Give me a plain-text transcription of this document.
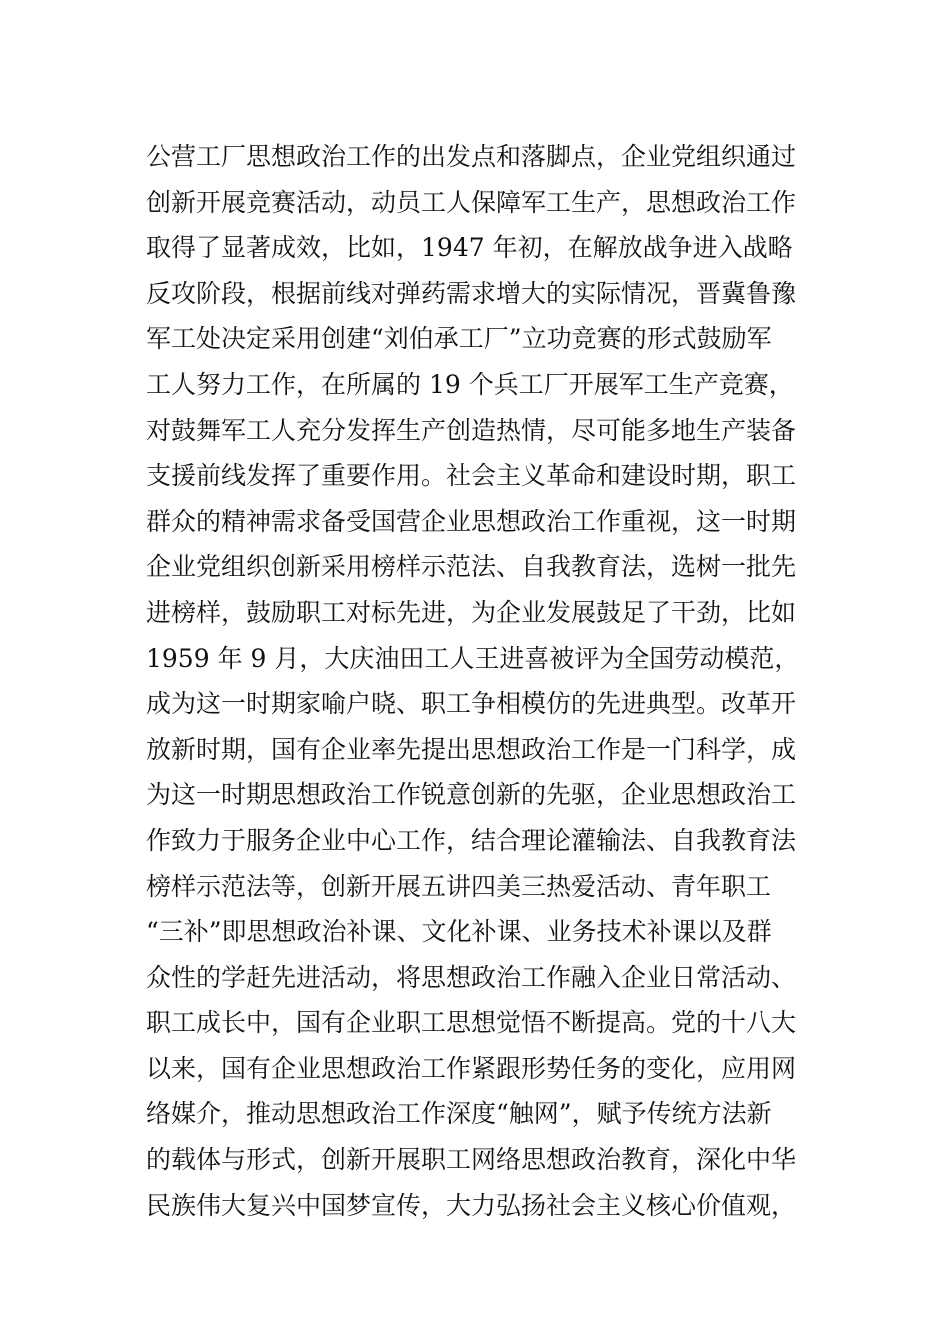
公营工厂思想政治工作的出发点和落脚点，企业党组织通过
创新开展竞赛活动，动员工人保障军工生产，思想政治工作
取得了显著成效，比如，1947 年初，在解放战争进入战略
反攻阶段，根据前线对弹药需求增大的实际情况，晋冀鲁豫
军工处决定采用创建“刘伯承工厂”立功竞赛的形式鼓励军
工人努力工作，在所属的 19 个兵工厂开展军工生产竞赛，
对鼓舞军工人充分发挥生产创造热情，尽可能多地生产装备
支援前线发挥了重要作用。社会主义革命和建设时期，职工
群众的精神需求备受国营企业思想政治工作重视，这一时期
企业党组织创新采用榜样示范法、自我教育法，选树一批先
进榜样，鼓励职工对标先进，为企业发展鼓足了干劲，比如
1959 年 9 月，大庆油田工人王进喜被评为全国劳动模范，
成为这一时期家喻户晓、职工争相模仿的先进典型。改革开
放新时期，国有企业率先提出思想政治工作是一门科学，成
为这一时期思想政治工作锐意创新的先驱，企业思想政治工
作致力于服务企业中心工作，结合理论灌输法、自我教育法
榜样示范法等，创新开展五讲四美三热爱活动、青年职工
“三补”即思想政治补课、文化补课、业务技术补课以及群
众性的学赶先进活动，将思想政治工作融入企业日常活动、
职工成长中，国有企业职工思想觉悟不断提高。党的十八大
以来，国有企业思想政治工作紧跟形势任务的变化，应用网
络媒介，推动思想政治工作深度“触网”，赋予传统方法新
的载体与形式，创新开展职工网络思想政治教育，深化中华
民族伟大复兴中国梦宣传，大力弘扬社会主义核心价值观，
